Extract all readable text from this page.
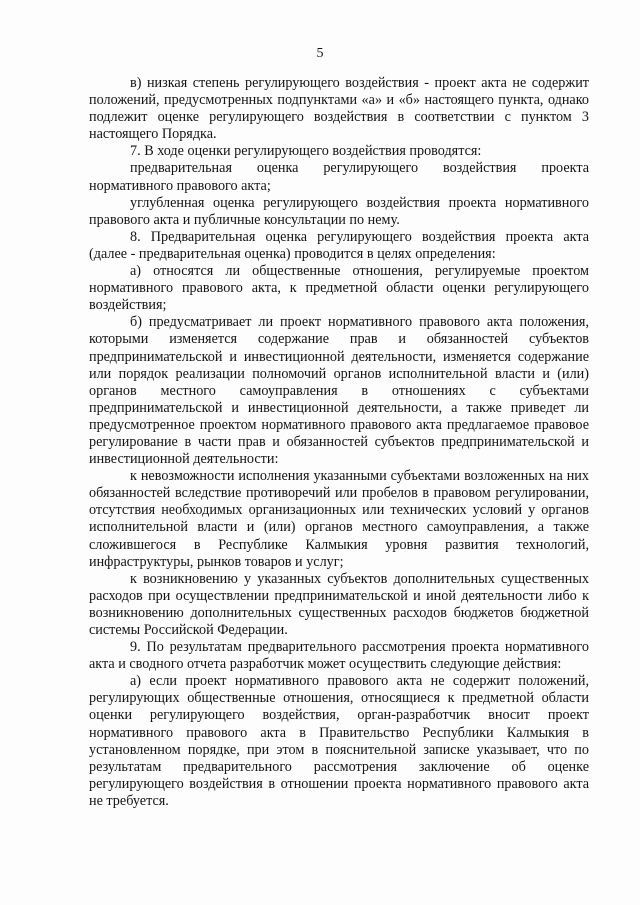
5

в) низкая степень регулирующего воздействия - проект акта не содержит положений, предусмотренных подпунктами «а» и «б» настоящего пункта, однако подлежит оценке регулирующего воздействия в соответствии с пунктом 3 настоящего Порядка.

7. В ходе оценки регулирующего воздействия проводятся:

предварительная оценка регулирующего воздействия проекта нормативного правового акта;

углубленная оценка регулирующего воздействия проекта нормативного правового акта и публичные консультации по нему.

8. Предварительная оценка регулирующего воздействия проекта акта (далее - предварительная оценка) проводится в целях определения:

а) относятся ли общественные отношения, регулируемые проектом нормативного правового акта, к предметной области оценки регулирующего воздействия;

б) предусматривает ли проект нормативного правового акта положения, которыми изменяется содержание прав и обязанностей субъектов предпринимательской и инвестиционной деятельности, изменяется содержание или порядок реализации полномочий органов исполнительной власти и (или) органов местного самоуправления в отношениях с субъектами предпринимательской и инвестиционной деятельности, а также приведет ли предусмотренное проектом нормативного правового акта предлагаемое правовое регулирование в части прав и обязанностей субъектов предпринимательской и инвестиционной деятельности:

к невозможности исполнения указанными субъектами возложенных на них обязанностей вследствие противоречий или пробелов в правовом регулировании, отсутствия необходимых организационных или технических условий у органов исполнительной власти и (или) органов местного самоуправления, а также сложившегося в Республике Калмыкия уровня развития технологий, инфраструктуры, рынков товаров и услуг;

к возникновению у указанных субъектов дополнительных существенных расходов при осуществлении предпринимательской и иной деятельности либо к возникновению дополнительных существенных расходов бюджетов бюджетной системы Российской Федерации.

9. По результатам предварительного рассмотрения проекта нормативного акта и сводного отчета разработчик может осуществить следующие действия:

а) если проект нормативного правового акта не содержит положений, регулирующих общественные отношения, относящиеся к предметной области оценки регулирующего воздействия, орган-разработчик вносит проект нормативного правового акта в Правительство Республики Калмыкия в установленном порядке, при этом в пояснительной записке указывает, что по результатам предварительного рассмотрения заключение об оценке регулирующего воздействия в отношении проекта нормативного правового акта не требуется.
